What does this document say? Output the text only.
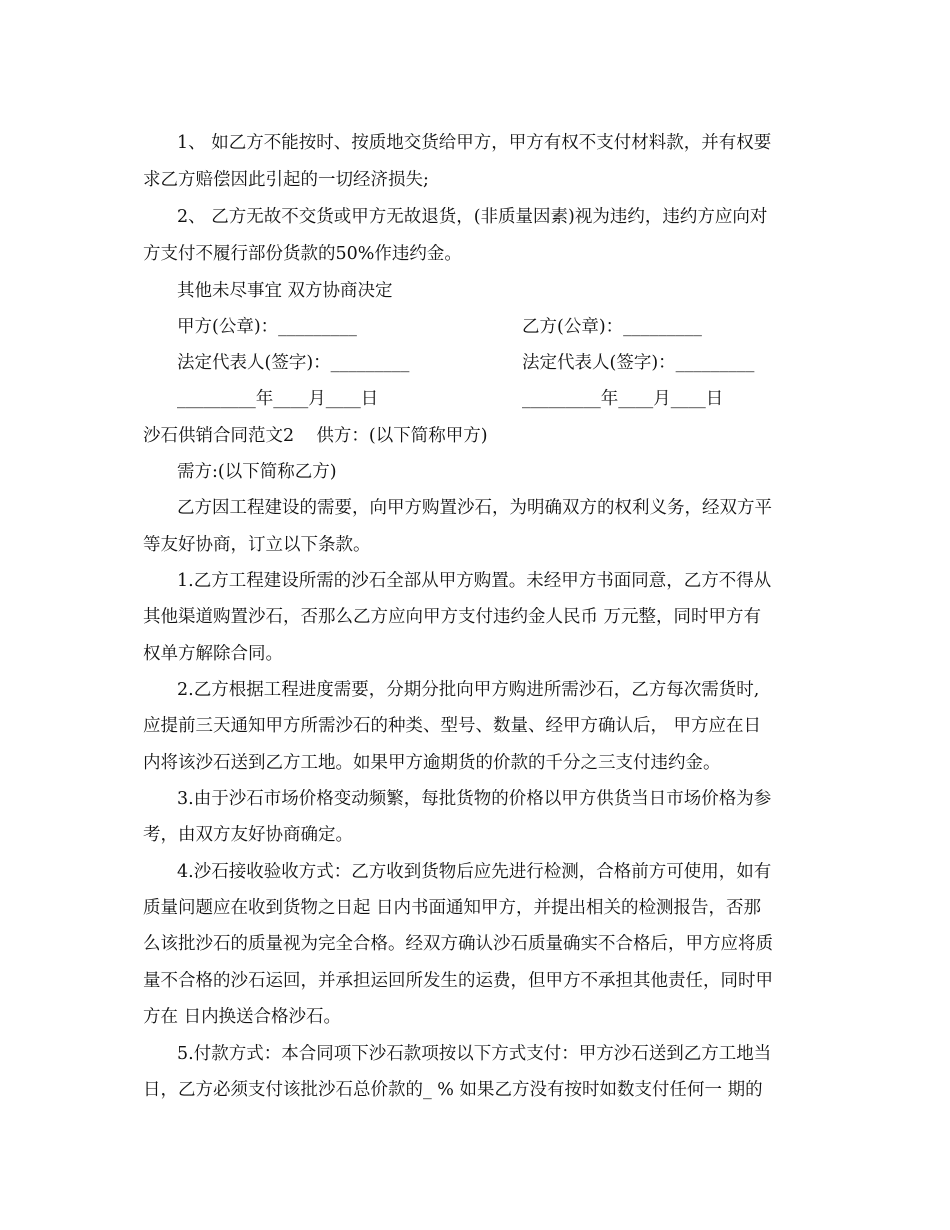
1、 如乙方不能按时、按质地交货给甲方，甲方有权不支付材料款，并有权要
求乙方赔偿因此引起的一切经济损失;
2、 乙方无故不交货或甲方无故退货，(非质量因素)视为违约，违约方应向对
方支付不履行部份货款的50%作违约金。
其他未尽事宜 双方协商决定
甲方(公章)：_________	乙方(公章)：_________
法定代表人(签字)：_________	法定代表人(签字)：_________
_________年____月____日	_________年____月____日
沙石供销合同范文2    供方：(以下简称甲方)
需方:(以下简称乙方)
乙方因工程建设的需要，向甲方购置沙石，为明确双方的权利义务，经双方平
等友好协商，订立以下条款。
1.乙方工程建设所需的沙石全部从甲方购置。未经甲方书面同意，乙方不得从
其他渠道购置沙石，否那么乙方应向甲方支付违约金人民币 万元整，同时甲方有
权单方解除合同。
2.乙方根据工程进度需要，分期分批向甲方购进所需沙石，乙方每次需货时,
应提前三天通知甲方所需沙石的种类、型号、数量、经甲方确认后， 甲方应在日
内将该沙石送到乙方工地。如果甲方逾期货的价款的千分之三支付违约金。
3.由于沙石市场价格变动频繁，每批货物的价格以甲方供货当日市场价格为参
考，由双方友好协商确定。
4.沙石接收验收方式：乙方收到货物后应先进行检测，合格前方可使用，如有
质量问题应在收到货物之日起 日内书面通知甲方，并提出相关的检测报告，否那
么该批沙石的质量视为完全合格。经双方确认沙石质量确实不合格后，甲方应将质
量不合格的沙石运回，并承担运回所发生的运费，但甲方不承担其他责任，同时甲
方在 日内换送合格沙石。
5.付款方式：本合同项下沙石款项按以下方式支付：甲方沙石送到乙方工地当
日，乙方必须支付该批沙石总价款的_ % 如果乙方没有按时如数支付任何一 期的
